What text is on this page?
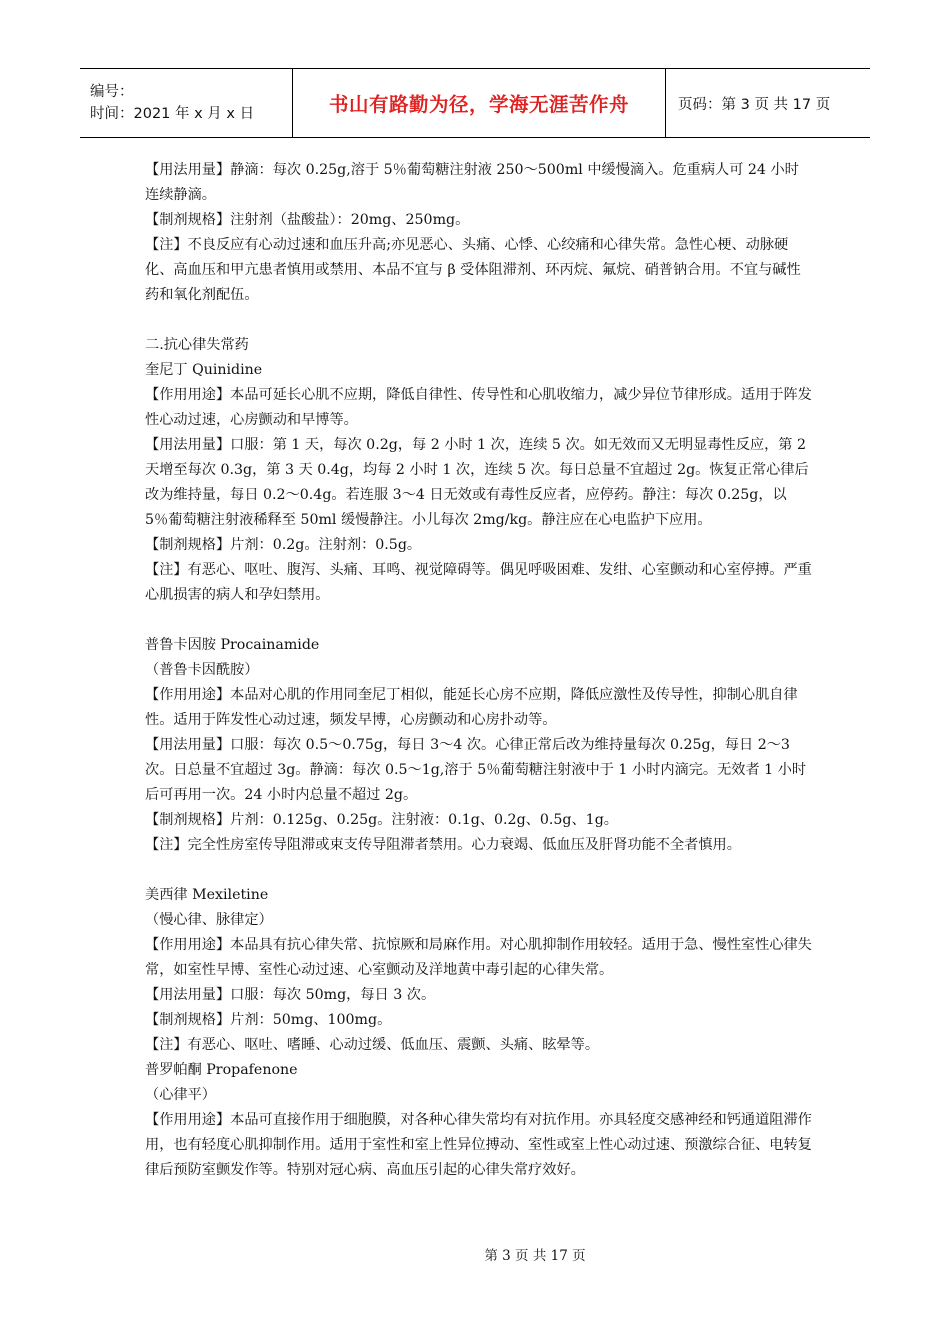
编号：
时间：2021 年 x 月 x 日	书山有路勤为径，学海无涯苦作舟	页码：第 3 页 共 17 页

【用法用量】静滴：每次 0.25g,溶于 5％葡萄糖注射液 250～500ml 中缓慢滴入。危重病人可 24 小时连续静滴。

【制剂规格】注射剂（盐酸盐）：20mg、250mg。

【注】不良反应有心动过速和血压升高;亦见恶心、头痛、心悸、心绞痛和心律失常。急性心梗、动脉硬化、高血压和甲亢患者慎用或禁用、本品不宜与 β 受体阻滞剂、环丙烷、氟烷、硝普钠合用。不宜与碱性药和氧化剂配伍。

二.抗心律失常药

奎尼丁 Quinidine

【作用用途】本品可延长心肌不应期，降低自律性、传导性和心肌收缩力，减少异位节律形成。适用于阵发性心动过速，心房颤动和早博等。

【用法用量】口服：第 1 天，每次 0.2g，每 2 小时 1 次，连续 5 次。如无效而又无明显毒性反应，第 2 天增至每次 0.3g，第 3 天 0.4g，均每 2 小时 1 次，连续 5 次。每日总量不宜超过 2g。恢复正常心律后改为维持量，每日 0.2～0.4g。若连服 3～4 日无效或有毒性反应者，应停药。静注：每次 0.25g，以 5％葡萄糖注射液稀释至 50ml 缓慢静注。小儿每次 2mg/kg。静注应在心电监护下应用。

【制剂规格】片剂：0.2g。注射剂：0.5g。

【注】有恶心、呕吐、腹泻、头痛、耳鸣、视觉障碍等。偶见呼吸困难、发绀、心室颤动和心室停搏。严重心肌损害的病人和孕妇禁用。

普鲁卡因胺 Procainamide

（普鲁卡因酰胺）

【作用用途】本品对心肌的作用同奎尼丁相似，能延长心房不应期，降低应激性及传导性，抑制心肌自律性。适用于阵发性心动过速，频发早博，心房颤动和心房扑动等。

【用法用量】口服：每次 0.5～0.75g，每日 3～4 次。心律正常后改为维持量每次 0.25g，每日 2～3 次。日总量不宜超过 3g。静滴：每次 0.5～1g,溶于 5％葡萄糖注射液中于 1 小时内滴完。无效者 1 小时后可再用一次。24 小时内总量不超过 2g。

【制剂规格】片剂：0.125g、0.25g。注射液：0.1g、0.2g、0.5g、1g。

【注】完全性房室传导阻滞或束支传导阻滞者禁用。心力衰竭、低血压及肝肾功能不全者慎用。

美西律 Mexiletine

（慢心律、脉律定）

【作用用途】本品具有抗心律失常、抗惊厥和局麻作用。对心肌抑制作用较轻。适用于急、慢性室性心律失常，如室性早博、室性心动过速、心室颤动及洋地黄中毒引起的心律失常。

【用法用量】口服：每次 50mg，每日 3 次。

【制剂规格】片剂：50mg、100mg。

【注】有恶心、呕吐、嗜睡、心动过缓、低血压、震颤、头痛、眩晕等。

普罗帕酮 Propafenone

（心律平）

【作用用途】本品可直接作用于细胞膜，对各种心律失常均有对抗作用。亦具轻度交感神经和钙通道阻滞作用，也有轻度心肌抑制作用。适用于室性和室上性异位搏动、室性或室上性心动过速、预激综合征、电转复律后预防室颤发作等。特别对冠心病、高血压引起的心律失常疗效好。

第 3 页 共 17 页
